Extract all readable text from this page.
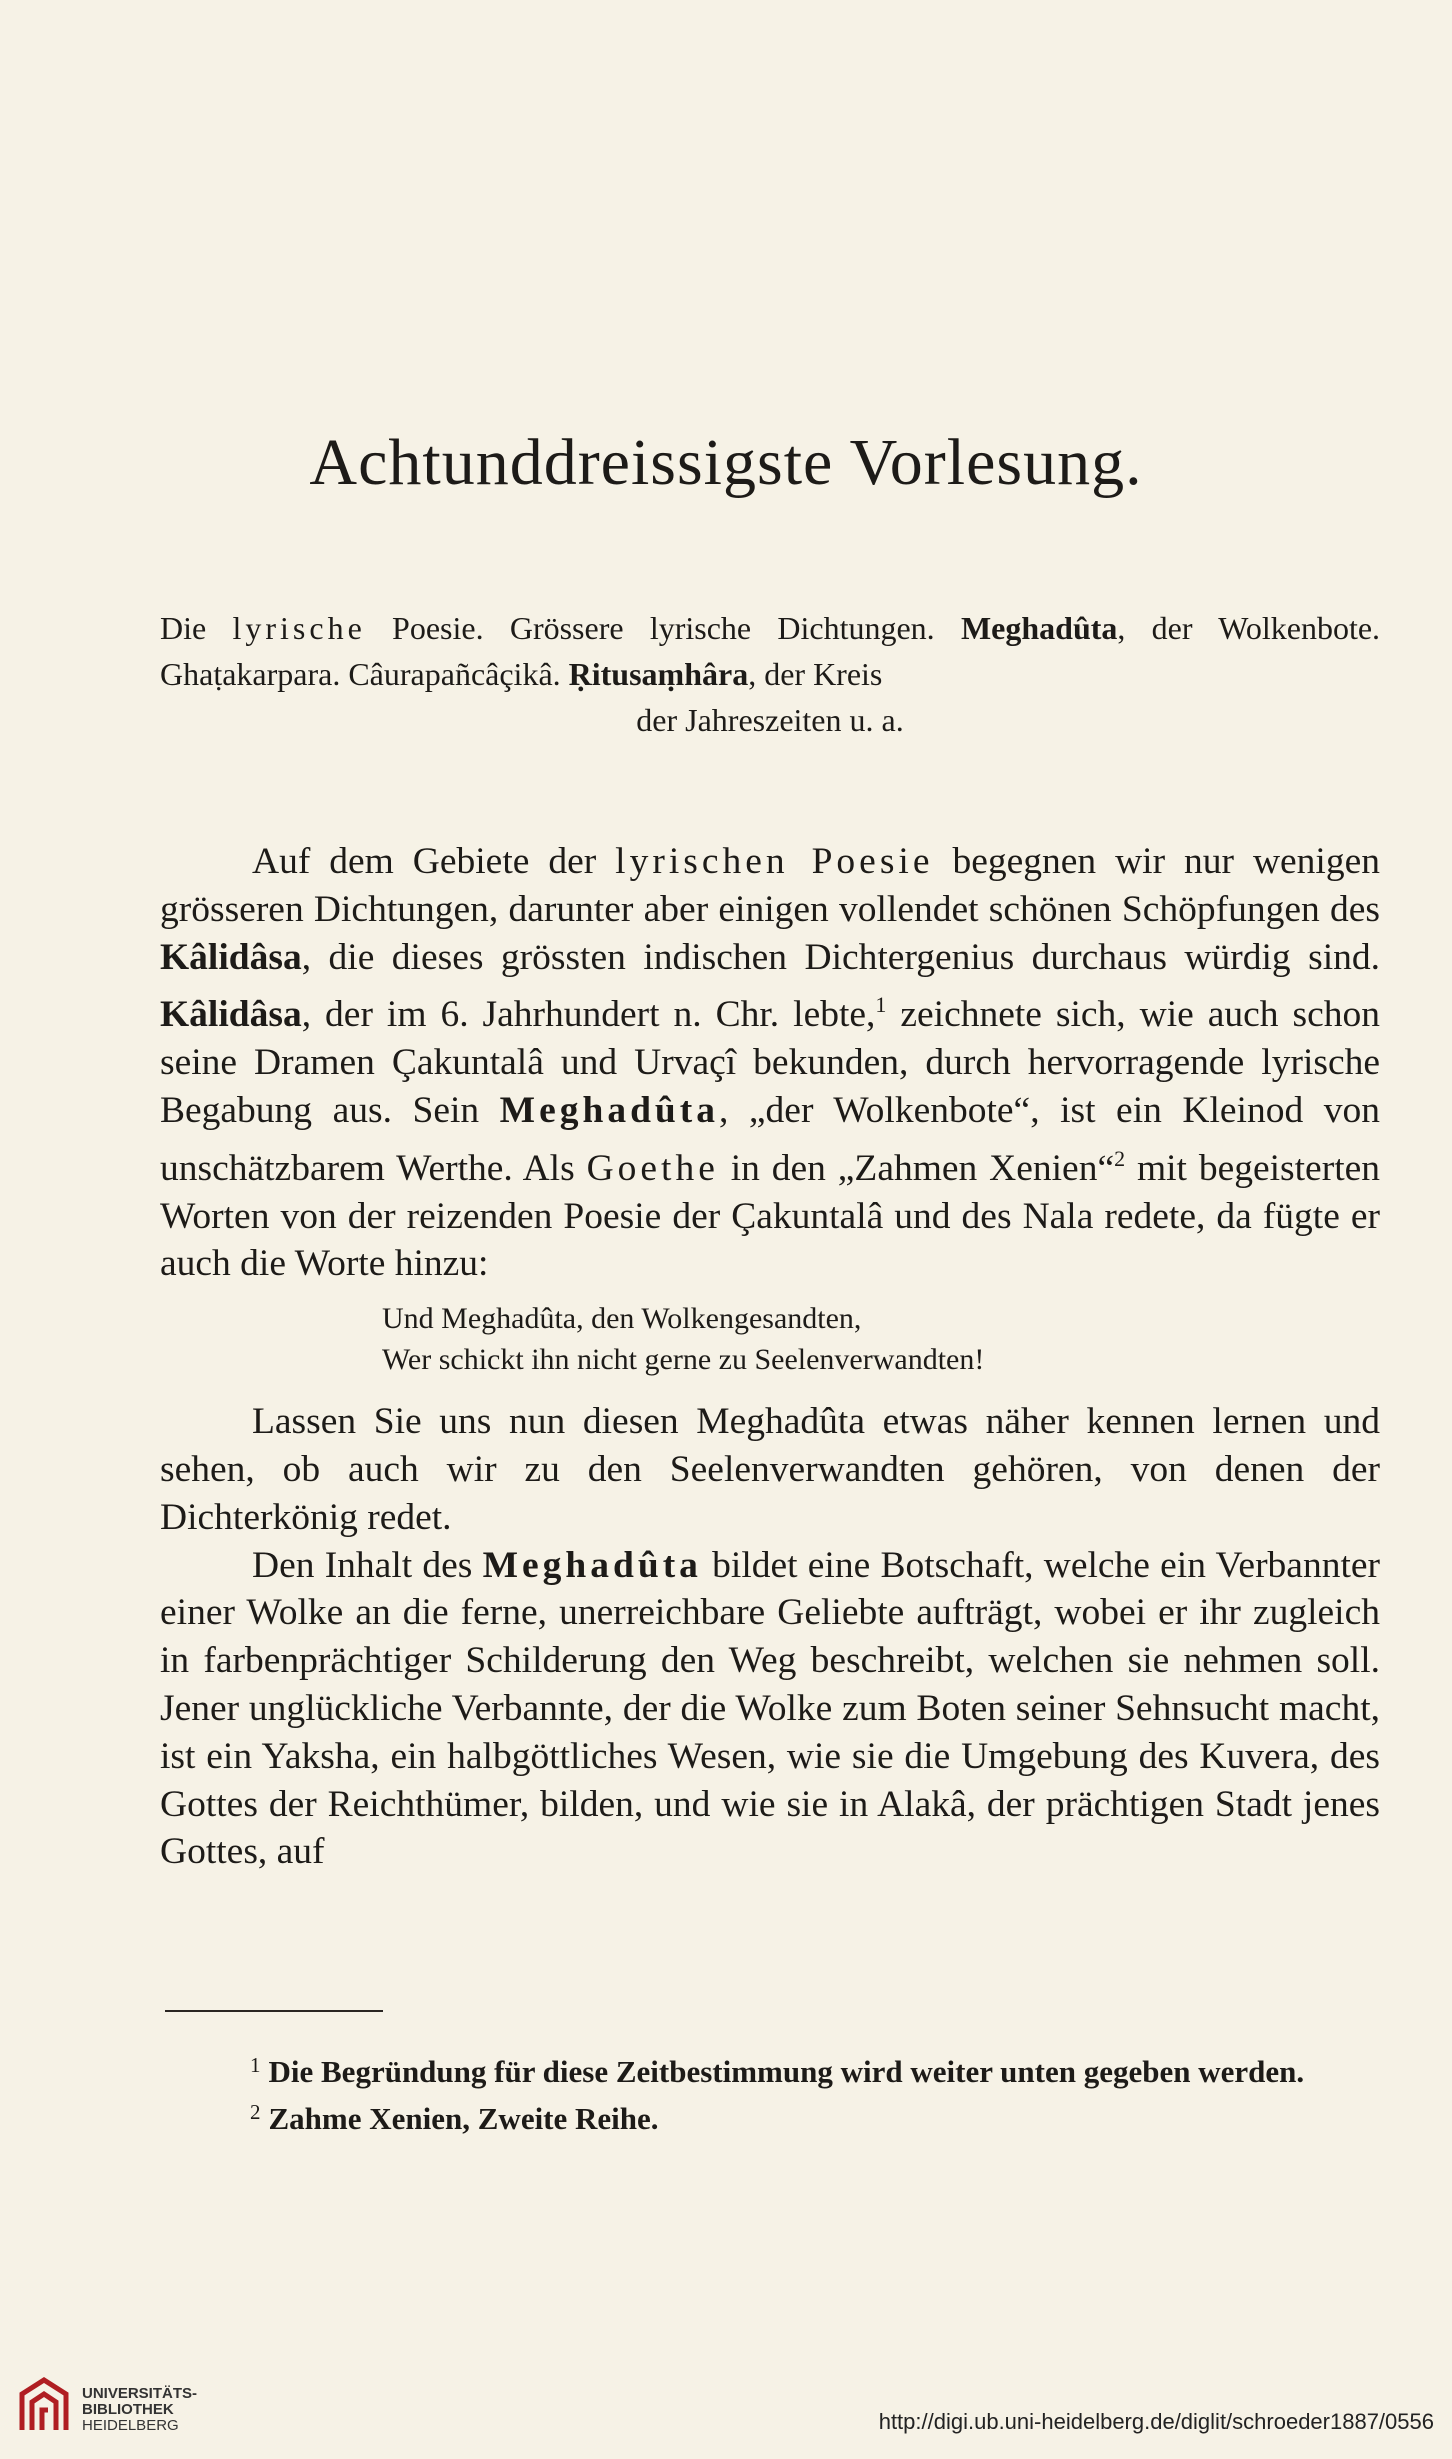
Achtunddreissigste Vorlesung.
Die lyrische Poesie. Grössere lyrische Dichtungen. Meghadûta, der Wolkenbote. Ghaṭakarpara. Câurapañcâçikâ. Ṛitusaṃhâra, der Kreis
der Jahreszeiten u. a.

Auf dem Gebiete der lyrischen Poesie begegnen wir nur wenigen grösseren Dichtungen, darunter aber einigen vollendet schönen Schöpfungen des Kâlidâsa, die dieses grössten indischen Dichtergenius durchaus würdig sind. Kâlidâsa, der im 6. Jahrhundert n. Chr. lebte,$^1$ zeichnete sich, wie auch schon seine Dramen Çakuntalâ und Urvaçî bekunden, durch hervorragende lyrische Begabung aus. Sein Meghadûta, „der Wolkenbote“, ist ein Kleinod von unschätzbarem Werthe. Als Goethe in den „Zahmen Xenien“$^2$ mit begeisterten Worten von der reizenden Poesie der Çakuntalâ und des Nala redete, da fügte er auch die Worte hinzu:

Und Meghadûta, den Wolkengesandten,
Wer schickt ihn nicht gerne zu Seelenverwandten!

Lassen Sie uns nun diesen Meghadûta etwas näher kennen lernen und sehen, ob auch wir zu den Seelenverwandten gehören, von denen der Dichterkönig redet.

Den Inhalt des Meghadûta bildet eine Botschaft, welche ein Verbannter einer Wolke an die ferne, unerreichbare Geliebte aufträgt, wobei er ihr zugleich in farbenprächtiger Schilderung den Weg beschreibt, welchen sie nehmen soll. Jener unglückliche Verbannte, der die Wolke zum Boten seiner Sehnsucht macht, ist ein Yaksha, ein halbgöttliches Wesen, wie sie die Umgebung des Kuvera, des Gottes der Reichthümer, bilden, und wie sie in Alakâ, der prächtigen Stadt jenes Gottes, auf

$^1$ Die Begründung für diese Zeitbestimmung wird weiter unten gegeben werden.

$^2$ Zahme Xenien, Zweite Reihe.

UNIVERSITÄTS-
BIBLIOTHEK
HEIDELBERG	http://digi.ub.uni-heidelberg.de/diglit/schroeder1887/0556
